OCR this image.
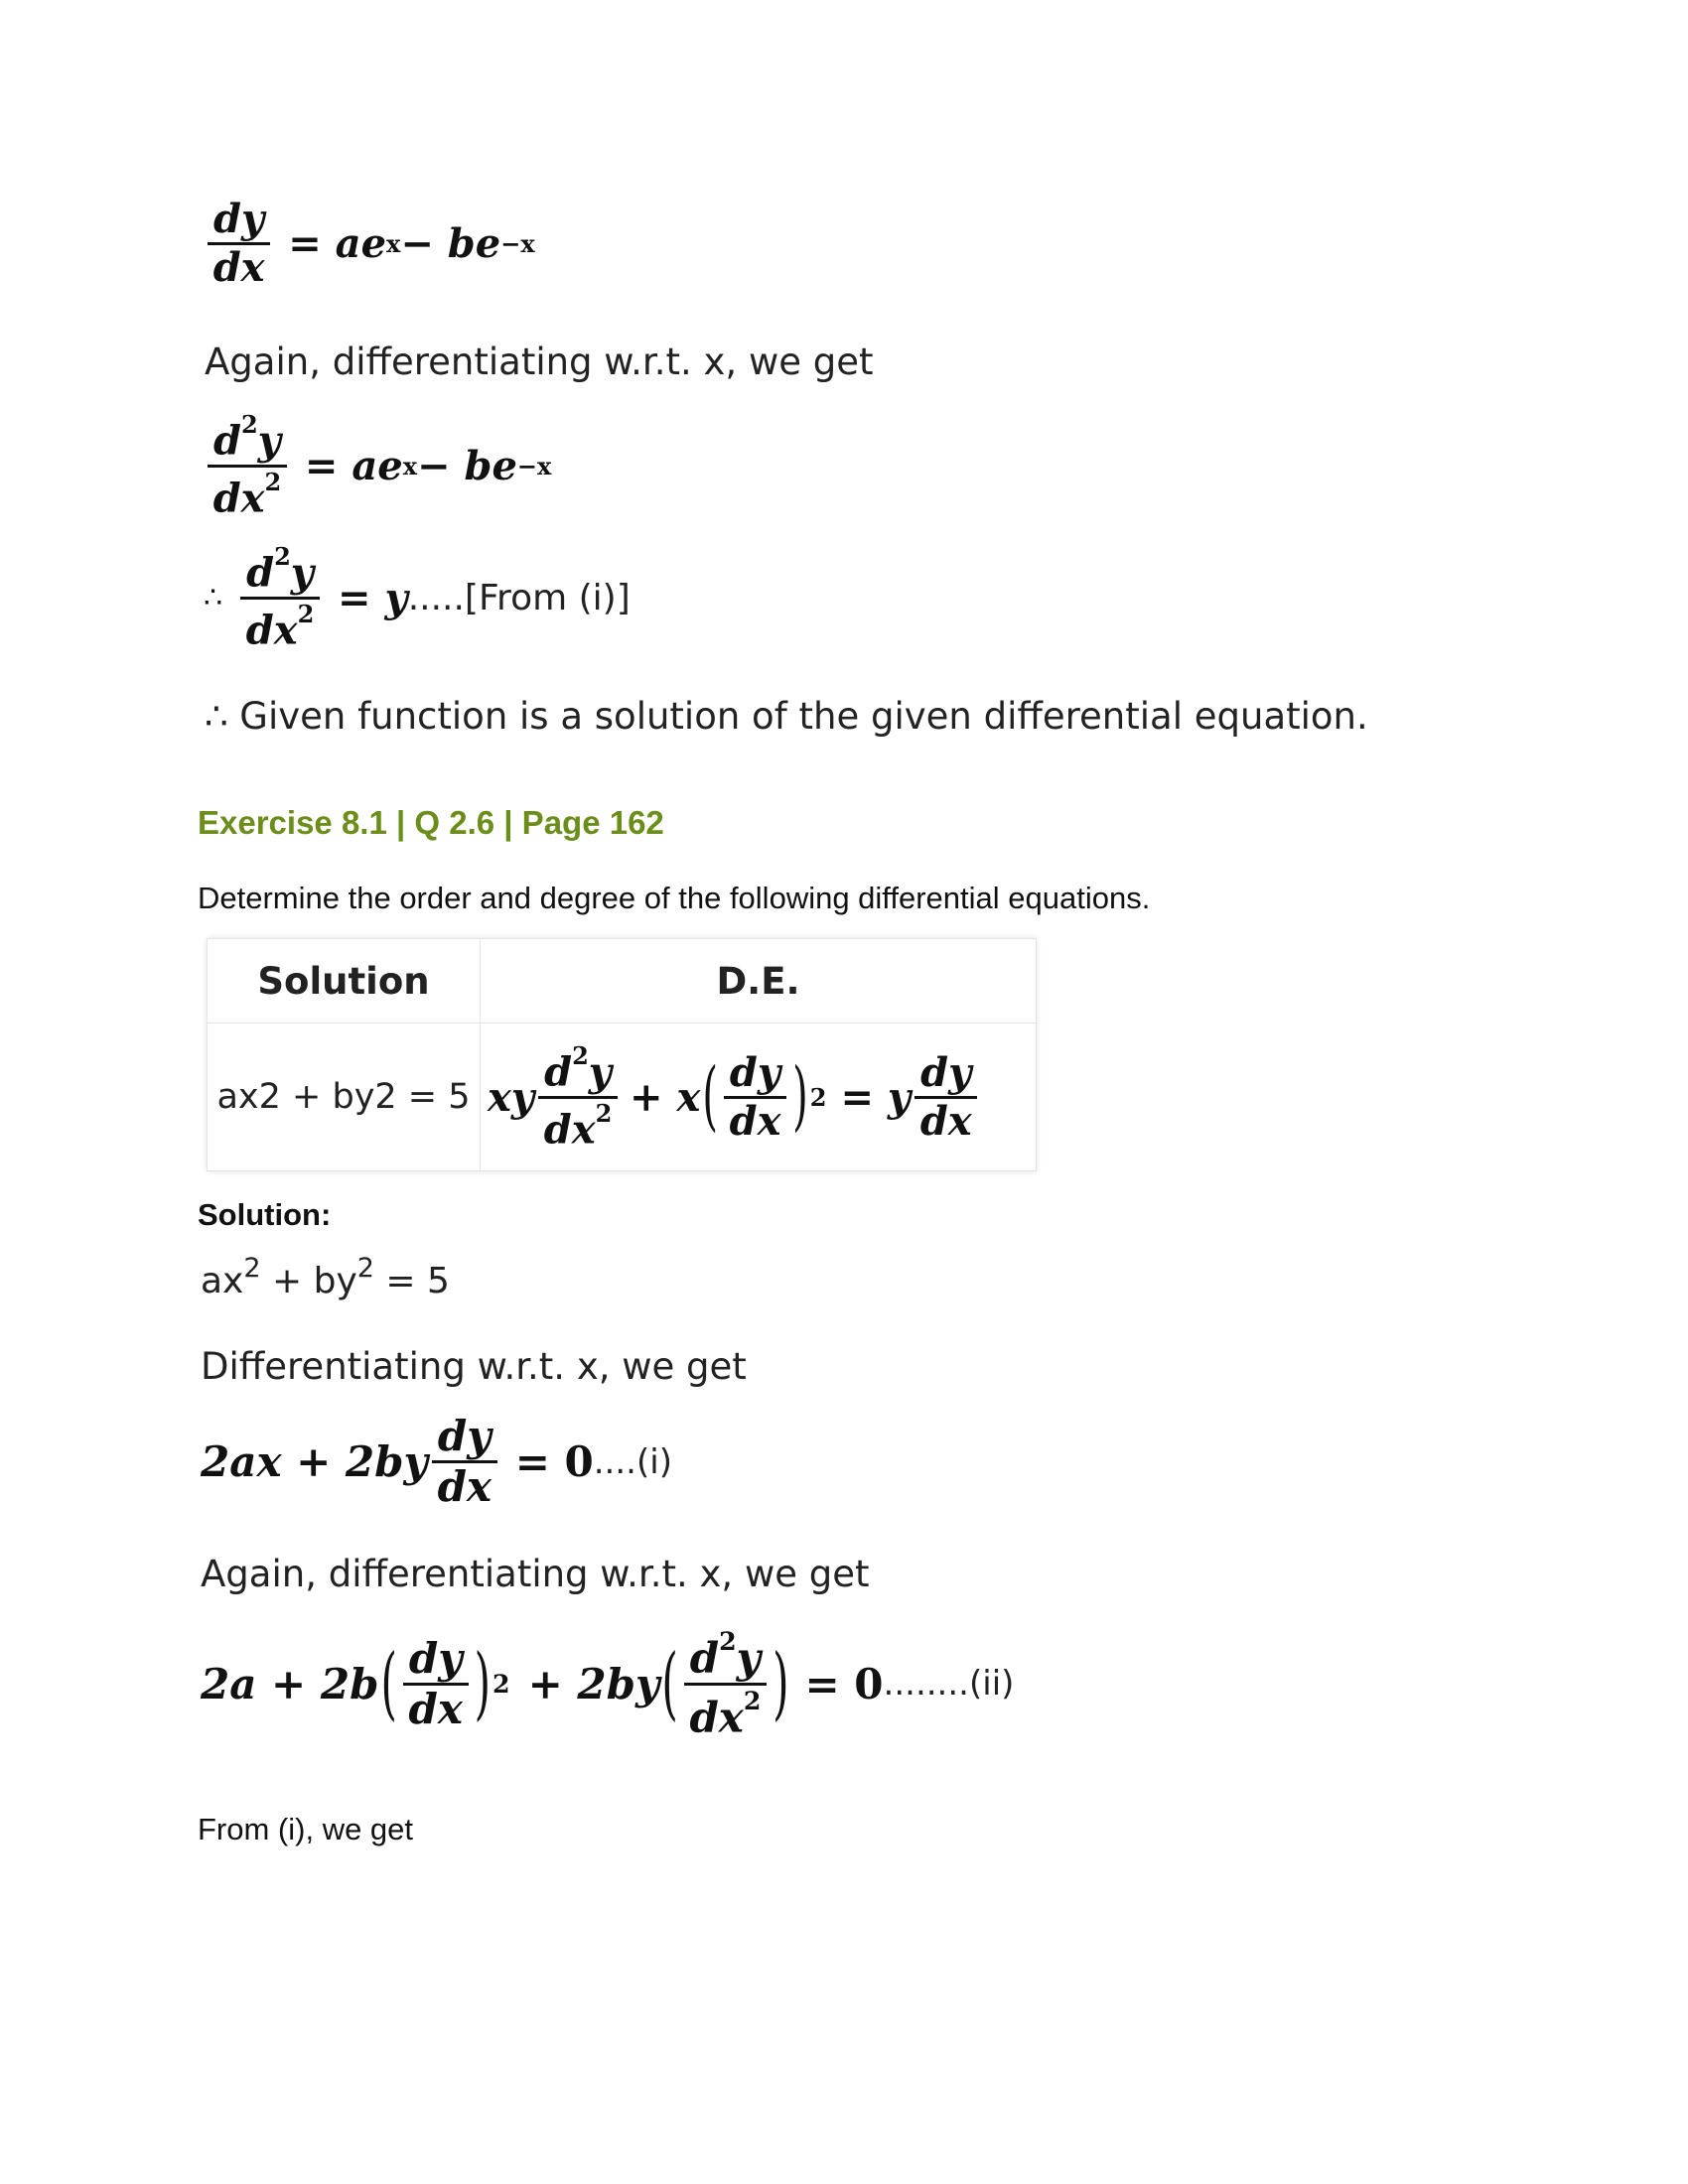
$\frac{dy}{dx}$ = ae x − be −x
Again, differentiating w.r.t. x, we get
$\frac{d^2y}{dx^2}$ = ae x − be −x
∴ $\frac{d^2y}{dx^2} = y$ .....[From (i)]
∴ Given function is a solution of the given differential equation.
Exercise 8.1 | Q 2.6 | Page 162
Determine the order and degree of the following differential equations.
Solution	D.E.
ax2 + by2 = 5	xy $\frac{d^2y}{dx^2} + x$ ( $\frac{dy}{dx}$ ) 2 = y $\frac{dy}{dx}$
Solution:
$ax^2 + by^2 = 5$
Differentiating w.r.t. x, we get
$2ax + 2by \frac{dy}{dx} = 0$ ....(i)
Again, differentiating w.r.t. x, we get
2a + 2b ( $\frac{dy}{dx}$ ) 2 + 2by ( $\frac{d^2y}{dx^2}$ ) = 0 ........(ii)
From (i), we get
